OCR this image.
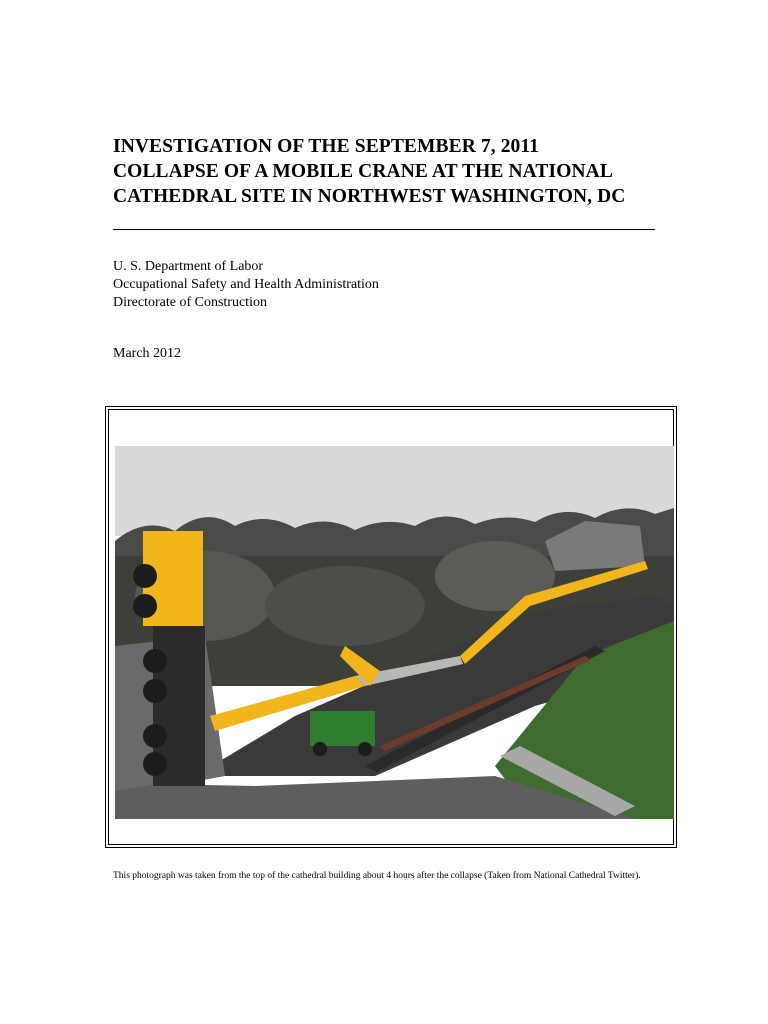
INVESTIGATION OF THE SEPTEMBER 7, 2011
COLLAPSE OF A MOBILE CRANE AT THE NATIONAL
CATHEDRAL SITE IN NORTHWEST WASHINGTON, DC
U. S. Department of Labor
Occupational Safety and Health Administration
Directorate of Construction
March 2012
This photograph was taken from the top of the cathedral building about 4 hours after the collapse (Taken from National Cathedral Twitter).
